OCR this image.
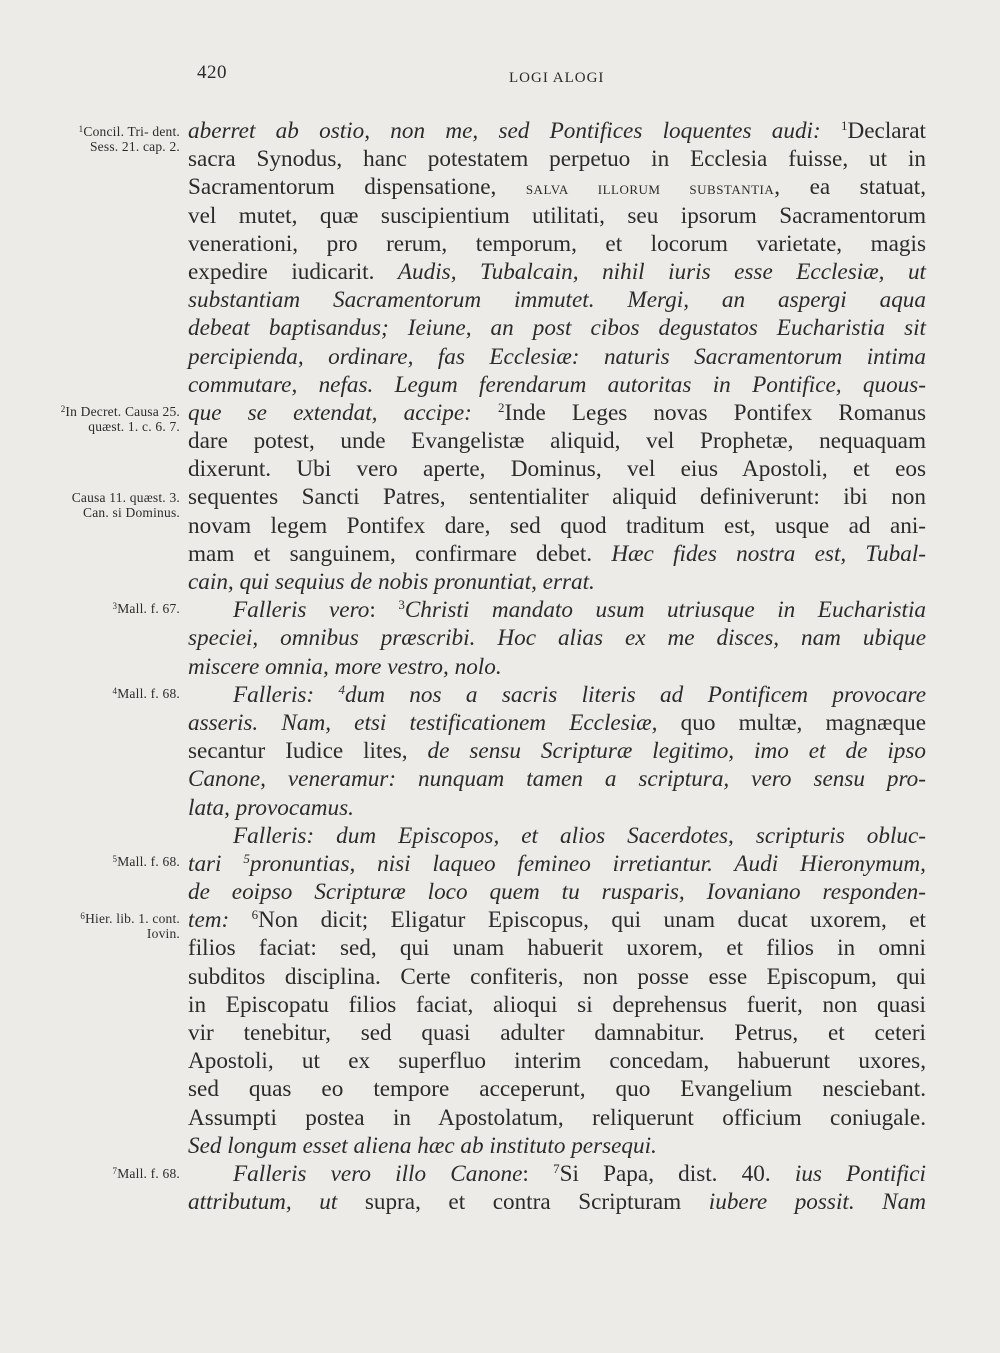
420	LOGI ALOGI
$^1$Concil. Tri- dent. Sess. 21. cap. 2.
$^2$In Decret. Causa 25. quæst. 1. c. 6. 7.
Causa 11. quæst. 3. Can. si Dominus.
$^3$Mall. f. 67.
$^4$Mall. f. 68.
$^5$Mall. f. 68.
$^6$Hier. lib. 1. cont. Iovin.
$^7$Mall. f. 68.
aberret ab ostio, non me, sed Pontifices loquentes audi: $^1$Declarat
sacra Synodus, hanc potestatem perpetuo in Ecclesia fuisse, ut in
Sacramentorum dispensatione, salva illorum substantia, ea statuat,
vel mutet, quæ suscipientium utilitati, seu ipsorum Sacramentorum
venerationi, pro rerum, temporum, et locorum varietate, magis
expedire iudicarit. Audis, Tubalcain, nihil iuris esse Ecclesiæ, ut
substantiam Sacramentorum immutet. Mergi, an aspergi aqua
debeat baptisandus; Ieiune, an post cibos degustatos Eucharistia sit
percipienda, ordinare, fas Ecclesiæ: naturis Sacramentorum intima
commutare, nefas. Legum ferendarum autoritas in Pontifice, quous-
que se extendat, accipe: $^2$Inde Leges novas Pontifex Romanus
dare potest, unde Evangelistæ aliquid, vel Prophetæ, nequaquam
dixerunt. Ubi vero aperte, Dominus, vel eius Apostoli, et eos
sequentes Sancti Patres, sententialiter aliquid definiverunt: ibi non
novam legem Pontifex dare, sed quod traditum est, usque ad ani-
mam et sanguinem, confirmare debet. Hæc fides nostra est, Tubal-
cain, qui sequius de nobis pronuntiat, errat.
Falleris vero: $^3$Christi mandato usum utriusque in Eucharistia
speciei, omnibus præscribi. Hoc alias ex me disces, nam ubique
miscere omnia, more vestro, nolo.
Falleris: $^4$dum nos a sacris literis ad Pontificem provocare
asseris. Nam, etsi testificationem Ecclesiæ, quo multæ, magnæque
secantur Iudice lites, de sensu Scripturæ legitimo, imo et de ipso
Canone, veneramur: nunquam tamen a scriptura, vero sensu pro-
lata, provocamus.
Falleris: dum Episcopos, et alios Sacerdotes, scripturis obluc-
tari $^5$pronuntias, nisi laqueo femineo irretiantur. Audi Hieronymum,
de eoipso Scripturæ loco quem tu rusparis, Iovaniano responden-
tem: $^6$Non dicit; Eligatur Episcopus, qui unam ducat uxorem, et
filios faciat: sed, qui unam habuerit uxorem, et filios in omni
subditos disciplina. Certe confiteris, non posse esse Episcopum, qui
in Episcopatu filios faciat, alioqui si deprehensus fuerit, non quasi
vir tenebitur, sed quasi adulter damnabitur. Petrus, et ceteri
Apostoli, ut ex superfluo interim concedam, habuerunt uxores,
sed quas eo tempore acceperunt, quo Evangelium nesciebant.
Assumpti postea in Apostolatum, reliquerunt officium coniugale.
Sed longum esset aliena hæc ab instituto persequi.
Falleris vero illo Canone: $^7$Si Papa, dist. 40. ius Pontifici
attributum, ut supra, et contra Scripturam iubere possit. Nam
